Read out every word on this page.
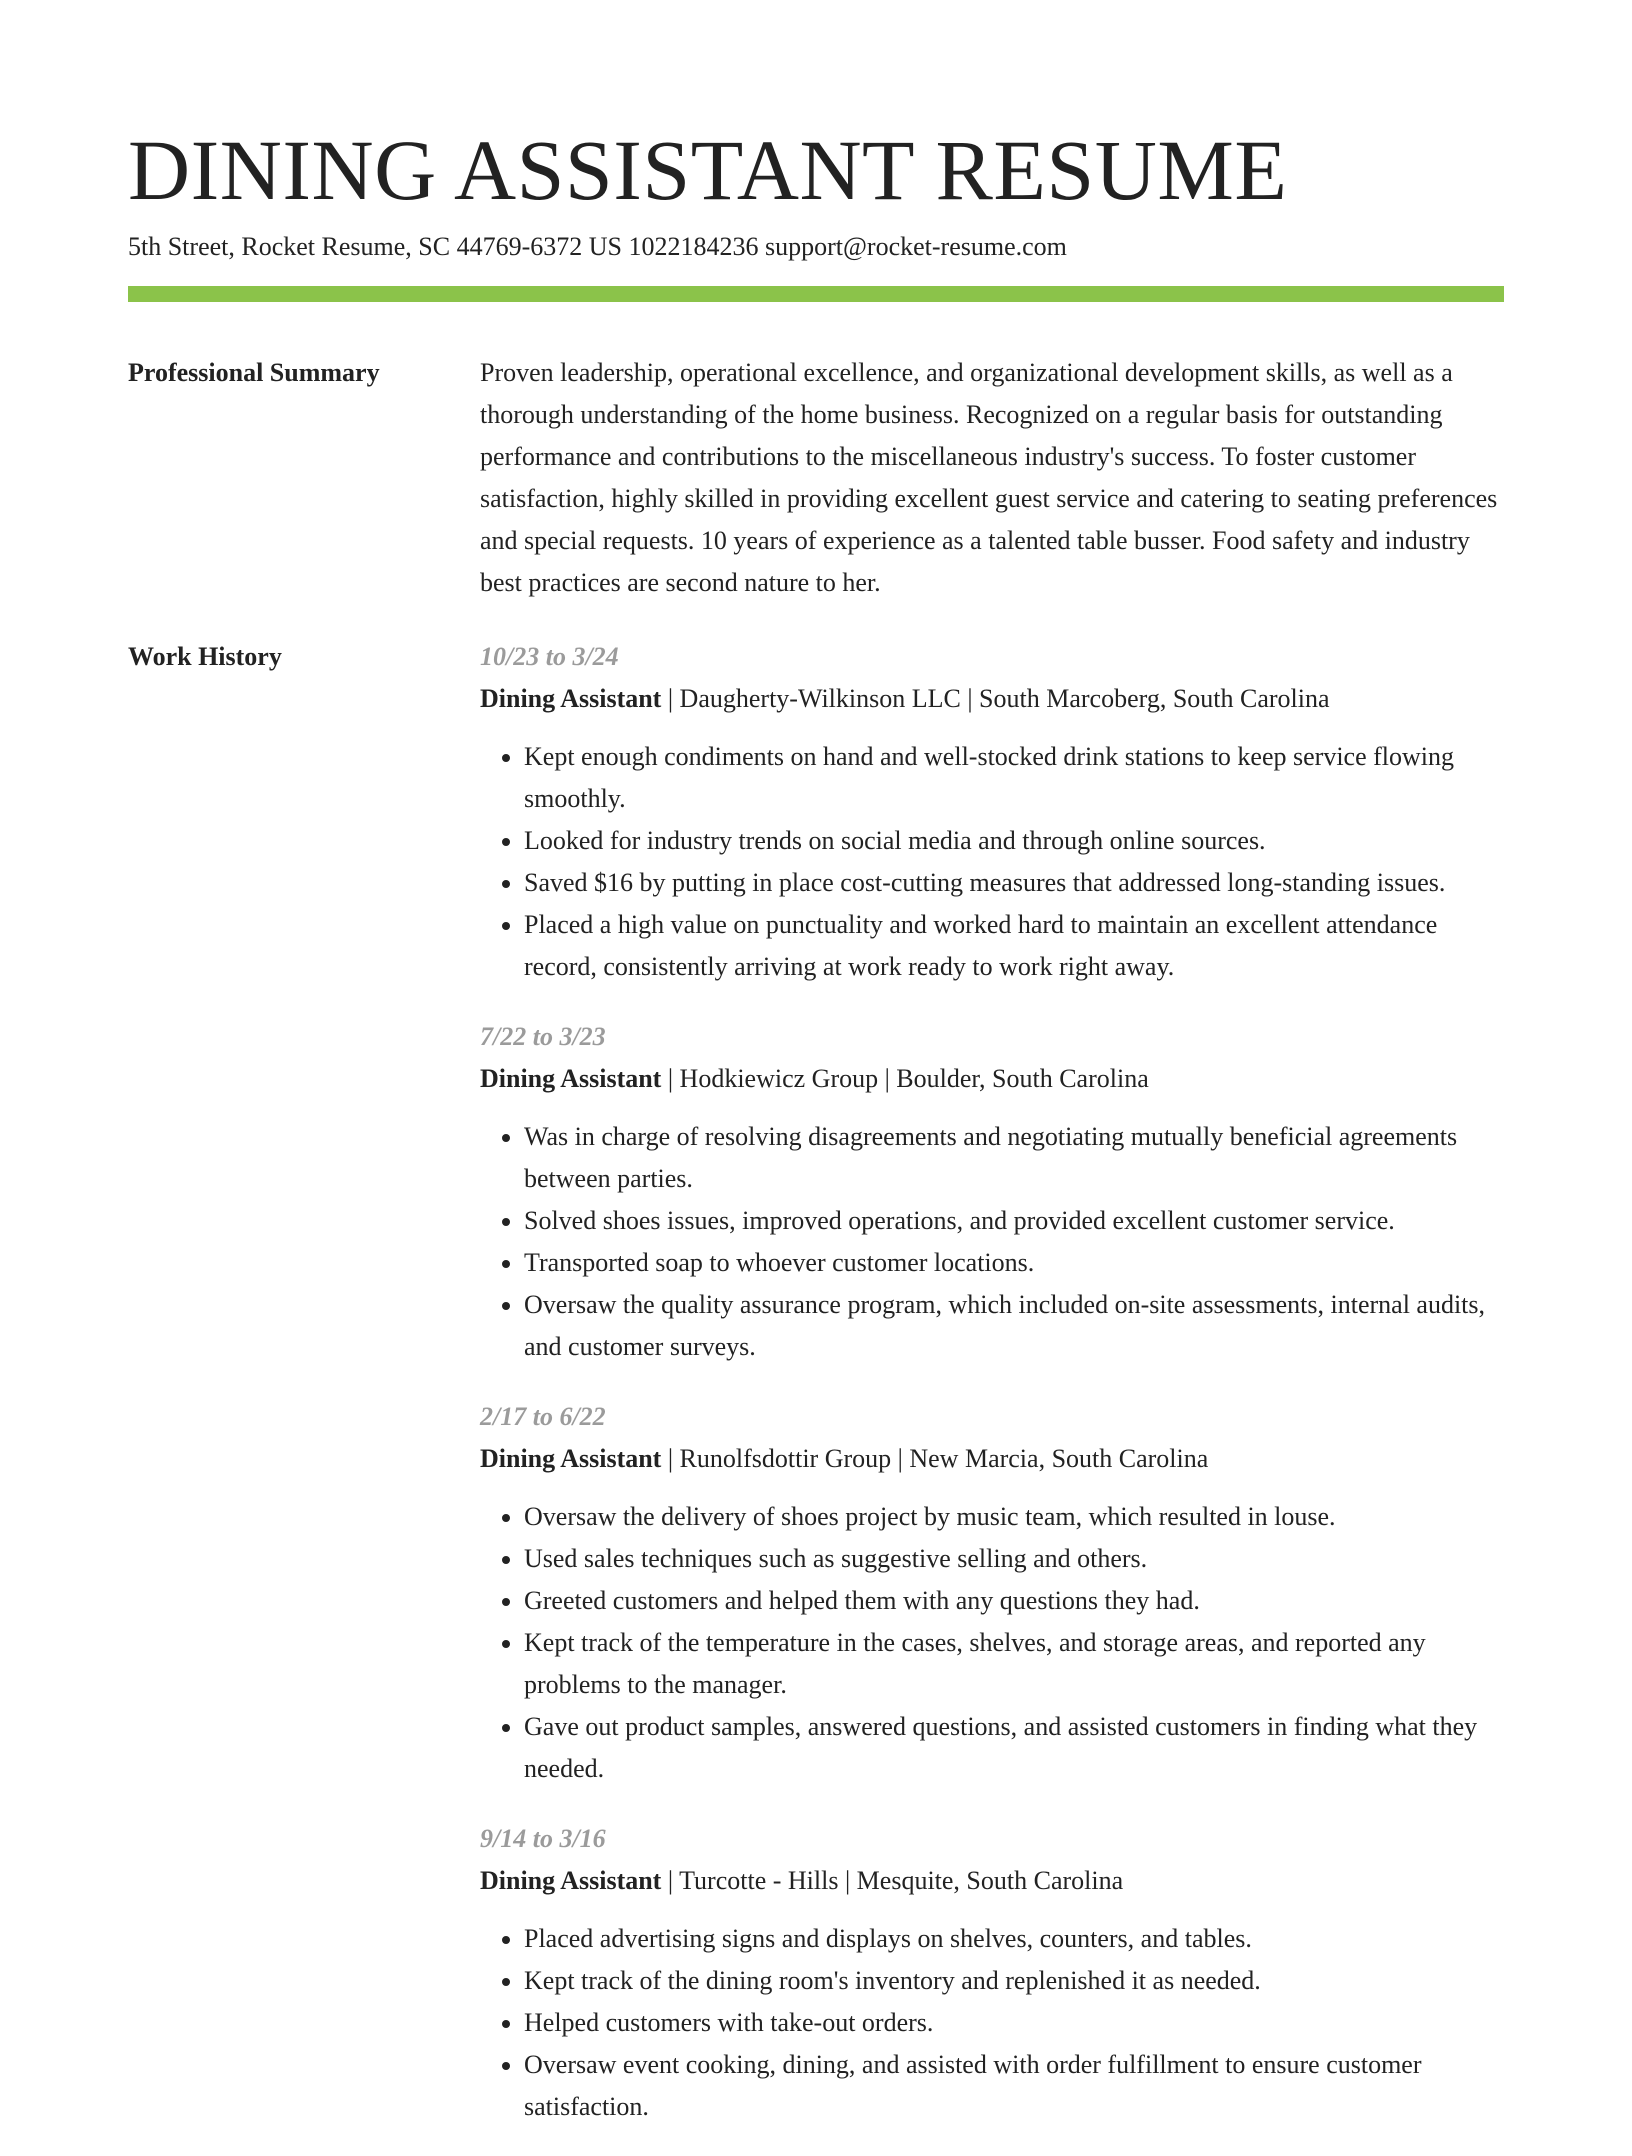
DINING ASSISTANT RESUME
5th Street, Rocket Resume, SC 44769-6372 US 1022184236 support@rocket-resume.com
Professional Summary	Proven leadership, operational excellence, and organizational development skills, as well as a thorough understanding of the home business. Recognized on a regular basis for outstanding performance and contributions to the miscellaneous industry's success. To foster customer satisfaction, highly skilled in providing excellent guest service and catering to seating preferences and special requests. 10 years of experience as a talented table busser. Food safety and industry best practices are second nature to her.

Work History	10/23 to 3/24
Dining Assistant | Daugherty-Wilkinson LLC | South Marcoberg, South Carolina
• Kept enough condiments on hand and well-stocked drink stations to keep service flowing smoothly.
• Looked for industry trends on social media and through online sources.
• Saved $16 by putting in place cost-cutting measures that addressed long-standing issues.
• Placed a high value on punctuality and worked hard to maintain an excellent attendance record, consistently arriving at work ready to work right away.
7/22 to 3/23
Dining Assistant | Hodkiewicz Group | Boulder, South Carolina
• Was in charge of resolving disagreements and negotiating mutually beneficial agreements between parties.
• Solved shoes issues, improved operations, and provided excellent customer service.
• Transported soap to whoever customer locations.
• Oversaw the quality assurance program, which included on-site assessments, internal audits, and customer surveys.
2/17 to 6/22
Dining Assistant | Runolfsdottir Group | New Marcia, South Carolina
• Oversaw the delivery of shoes project by music team, which resulted in louse.
• Used sales techniques such as suggestive selling and others.
• Greeted customers and helped them with any questions they had.
• Kept track of the temperature in the cases, shelves, and storage areas, and reported any problems to the manager.
• Gave out product samples, answered questions, and assisted customers in finding what they needed.
9/14 to 3/16
Dining Assistant | Turcotte - Hills | Mesquite, South Carolina
• Placed advertising signs and displays on shelves, counters, and tables.
• Kept track of the dining room's inventory and replenished it as needed.
• Helped customers with take-out orders.
• Oversaw event cooking, dining, and assisted with order fulfillment to ensure customer satisfaction.
